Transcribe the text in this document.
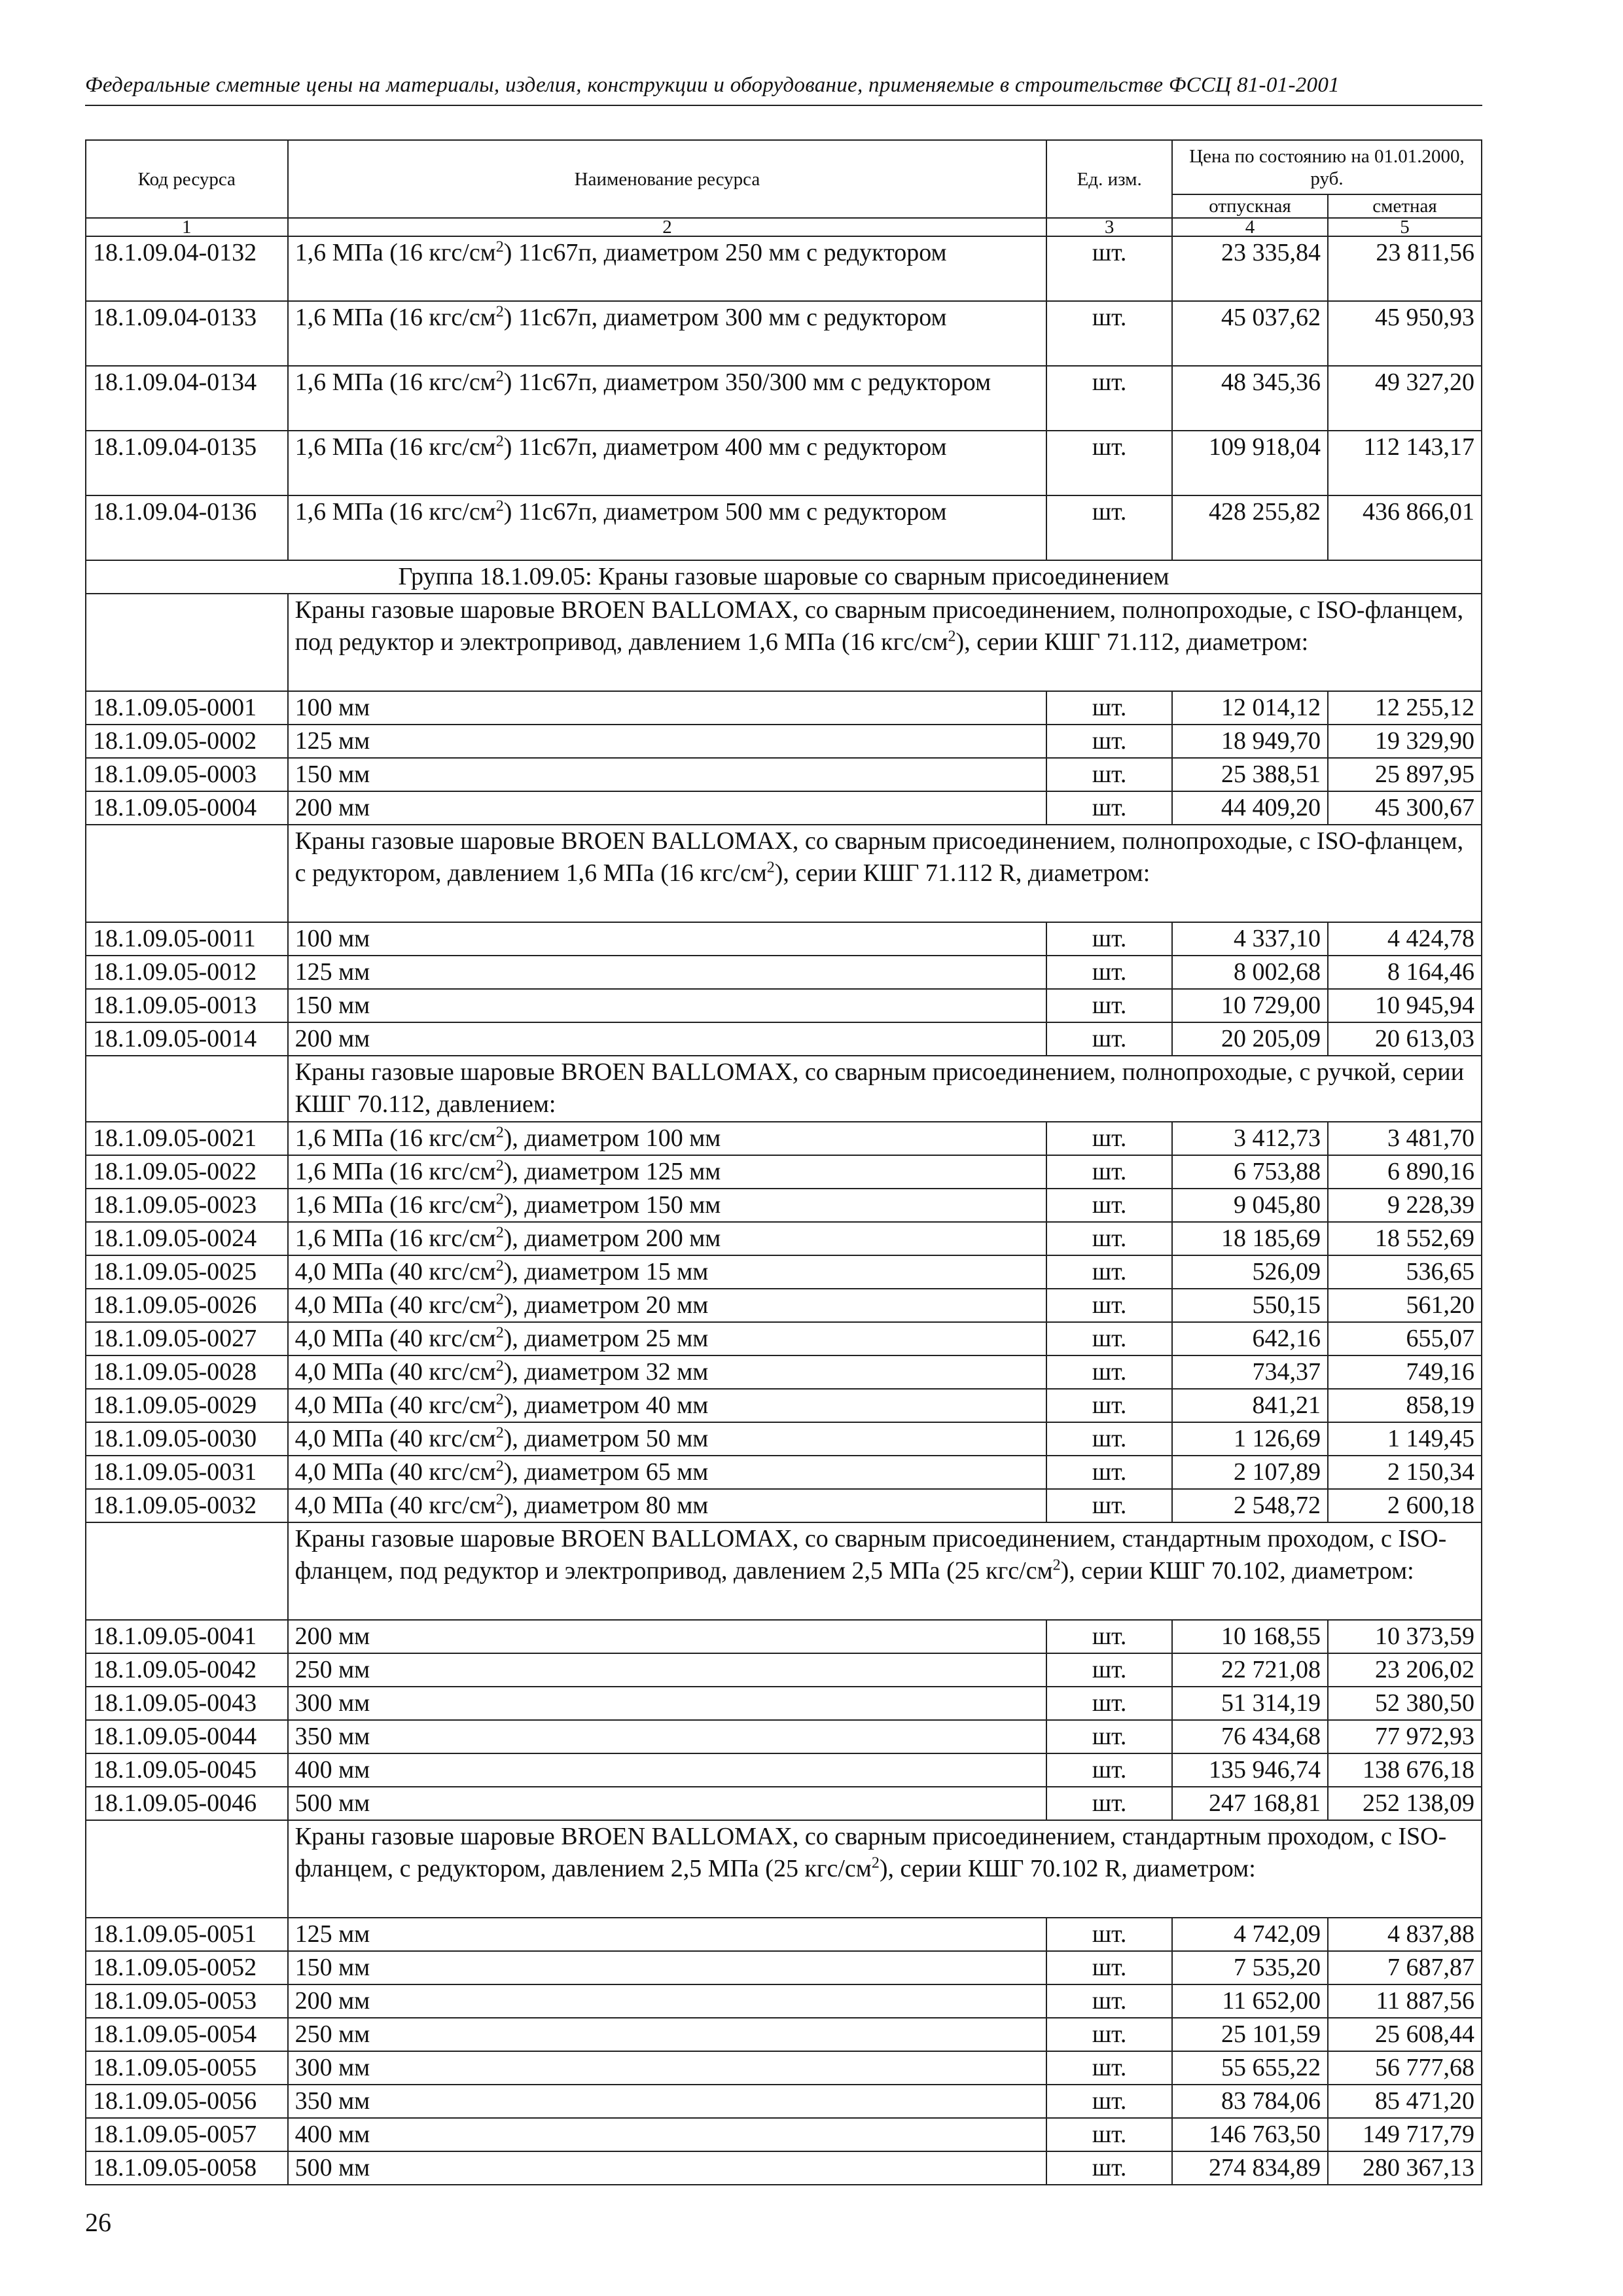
Федеральные сметные цены на материалы, изделия, конструкции и оборудование, применяемые в строительстве ФССЦ 81-01-2001
Код ресурса	Наименование ресурса	Ед. изм.	Цена по состоянию на 01.01.2000, руб.	
			отпускная	сметная
1	2	3	4	5
18.1.09.04-0132	1,6 МПа (16 кгс/$см^2$) 11с67п, диаметром 250 мм с редуктором	шт.	23 335,84	23 811,56
18.1.09.04-0133	1,6 МПа (16 кгс/$см^2$) 11с67п, диаметром 300 мм с редуктором	шт.	45 037,62	45 950,93
18.1.09.04-0134	1,6 МПа (16 кгс/$см^2$) 11с67п, диаметром 350/300 мм с редуктором	шт.	48 345,36	49 327,20
18.1.09.04-0135	1,6 МПа (16 кгс/$см^2$) 11с67п, диаметром 400 мм с редуктором	шт.	109 918,04	112 143,17
18.1.09.04-0136	1,6 МПа (16 кгс/$см^2$) 11с67п, диаметром 500 мм с редуктором	шт.	428 255,82	436 866,01
Группа 18.1.09.05: Краны газовые шаровые со сварным присоединением				
	Краны газовые шаровые BROEN BALLOMAX, со сварным присоединением, полнопроходые, с ISO-фланцем, под редуктор и электропривод, давлением 1,6 МПа (16 кгс/$см^2$), серии КШГ 71.112, диаметром:			
18.1.09.05-0001	100 мм	шт.	12 014,12	12 255,12
18.1.09.05-0002	125 мм	шт.	18 949,70	19 329,90
18.1.09.05-0003	150 мм	шт.	25 388,51	25 897,95
18.1.09.05-0004	200 мм	шт.	44 409,20	45 300,67
	Краны газовые шаровые BROEN BALLOMAX, со сварным присоединением, полнопроходые, с ISO-фланцем, с редуктором, давлением 1,6 МПа (16 кгс/$см^2$), серии КШГ 71.112 R, диаметром:			
18.1.09.05-0011	100 мм	шт.	4 337,10	4 424,78
18.1.09.05-0012	125 мм	шт.	8 002,68	8 164,46
18.1.09.05-0013	150 мм	шт.	10 729,00	10 945,94
18.1.09.05-0014	200 мм	шт.	20 205,09	20 613,03
	Краны газовые шаровые BROEN BALLOMAX, со сварным присоединением, полнопроходые, с ручкой, серии КШГ 70.112, давлением:			
18.1.09.05-0021	1,6 МПа (16 кгс/$см^2$), диаметром 100 мм	шт.	3 412,73	3 481,70
18.1.09.05-0022	1,6 МПа (16 кгс/$см^2$), диаметром 125 мм	шт.	6 753,88	6 890,16
18.1.09.05-0023	1,6 МПа (16 кгс/$см^2$), диаметром 150 мм	шт.	9 045,80	9 228,39
18.1.09.05-0024	1,6 МПа (16 кгс/$см^2$), диаметром 200 мм	шт.	18 185,69	18 552,69
18.1.09.05-0025	4,0 МПа (40 кгс/$см^2$), диаметром 15 мм	шт.	526,09	536,65
18.1.09.05-0026	4,0 МПа (40 кгс/$см^2$), диаметром 20 мм	шт.	550,15	561,20
18.1.09.05-0027	4,0 МПа (40 кгс/$см^2$), диаметром 25 мм	шт.	642,16	655,07
18.1.09.05-0028	4,0 МПа (40 кгс/$см^2$), диаметром 32 мм	шт.	734,37	749,16
18.1.09.05-0029	4,0 МПа (40 кгс/$см^2$), диаметром 40 мм	шт.	841,21	858,19
18.1.09.05-0030	4,0 МПа (40 кгс/$см^2$), диаметром 50 мм	шт.	1 126,69	1 149,45
18.1.09.05-0031	4,0 МПа (40 кгс/$см^2$), диаметром 65 мм	шт.	2 107,89	2 150,34
18.1.09.05-0032	4,0 МПа (40 кгс/$см^2$), диаметром 80 мм	шт.	2 548,72	2 600,18
	Краны газовые шаровые BROEN BALLOMAX, со сварным присоединением, стандартным проходом, с ISO-фланцем, под редуктор и электропривод, давлением 2,5 МПа (25 кгс/$см^2$), серии КШГ 70.102, диаметром:			
18.1.09.05-0041	200 мм	шт.	10 168,55	10 373,59
18.1.09.05-0042	250 мм	шт.	22 721,08	23 206,02
18.1.09.05-0043	300 мм	шт.	51 314,19	52 380,50
18.1.09.05-0044	350 мм	шт.	76 434,68	77 972,93
18.1.09.05-0045	400 мм	шт.	135 946,74	138 676,18
18.1.09.05-0046	500 мм	шт.	247 168,81	252 138,09
	Краны газовые шаровые BROEN BALLOMAX, со сварным присоединением, стандартным проходом, с ISO-фланцем, с редуктором, давлением 2,5 МПа (25 кгс/$см^2$), серии КШГ 70.102 R, диаметром:			
18.1.09.05-0051	125 мм	шт.	4 742,09	4 837,88
18.1.09.05-0052	150 мм	шт.	7 535,20	7 687,87
18.1.09.05-0053	200 мм	шт.	11 652,00	11 887,56
18.1.09.05-0054	250 мм	шт.	25 101,59	25 608,44
18.1.09.05-0055	300 мм	шт.	55 655,22	56 777,68
18.1.09.05-0056	350 мм	шт.	83 784,06	85 471,20
18.1.09.05-0057	400 мм	шт.	146 763,50	149 717,79
18.1.09.05-0058	500 мм	шт.	274 834,89	280 367,13
26
